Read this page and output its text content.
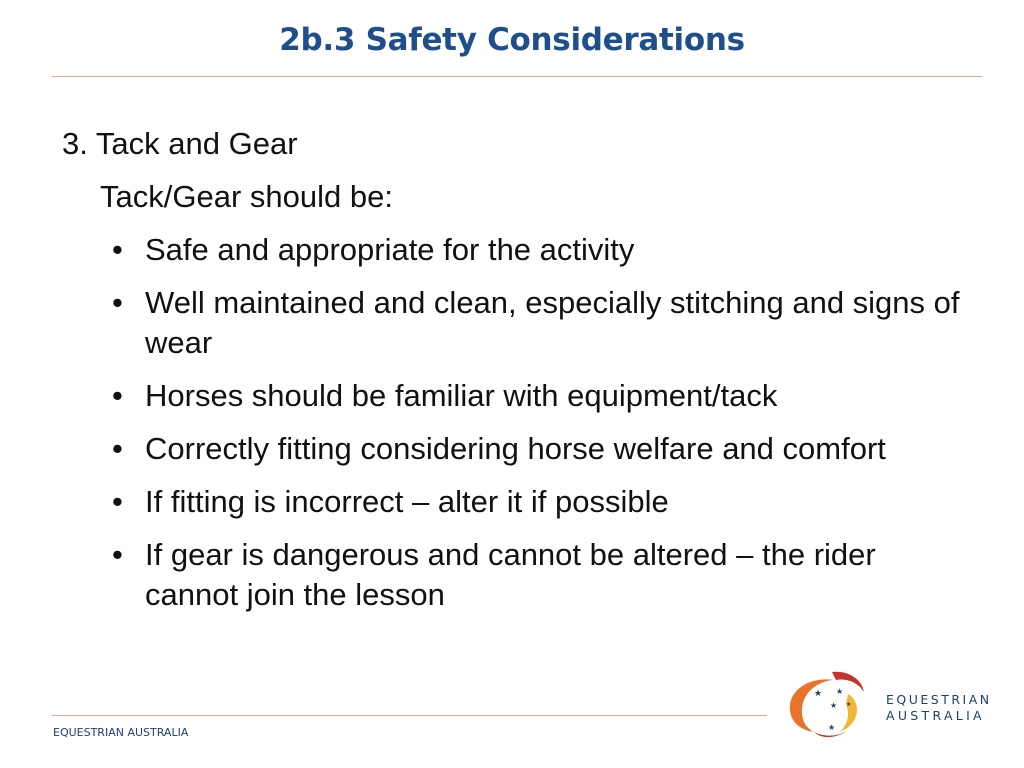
2b.3 Safety Considerations
3. Tack and Gear
Tack/Gear should be:
• Safe and appropriate for the activity
• Well maintained and clean, especially stitching and signs of wear
• Horses should be familiar with equipment/tack
• Correctly fitting considering horse welfare and comfort
• If fitting is incorrect – alter it if possible
• If gear is dangerous and cannot be altered – the rider cannot join the lesson
EQUESTRIAN AUSTRALIA
★ ★
★ ★
★
EQUESTRIAN
AUSTRALIA
